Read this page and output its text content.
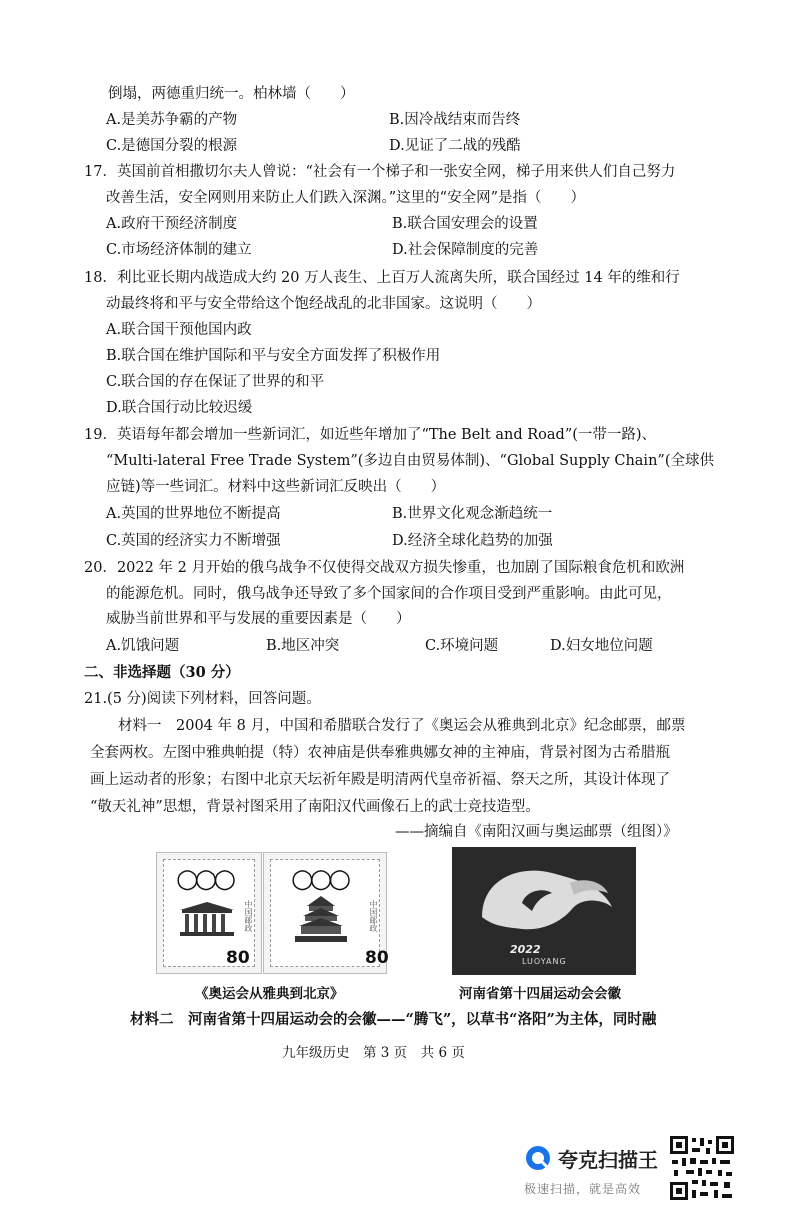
倒塌，两德重归统一。柏林墙（　　）
A.是美苏争霸的产物	B.因冷战结束而告终
C.是德国分裂的根源	D.见证了二战的残酷
17．英国前首相撒切尔夫人曾说：“社会有一个梯子和一张安全网，梯子用来供人们自己努力
改善生活，安全网则用来防止人们跌入深渊。”这里的“安全网”是指（　　）
A.政府干预经济制度	B.联合国安理会的设置
C.市场经济体制的建立	D.社会保障制度的完善
18．利比亚长期内战造成大约 20 万人丧生、上百万人流离失所，联合国经过 14 年的维和行
动最终将和平与安全带给这个饱经战乱的北非国家。这说明（　　）
A.联合国干预他国内政
B.联合国在维护国际和平与安全方面发挥了积极作用
C.联合国的存在保证了世界的和平
D.联合国行动比较迟缓
19．英语每年都会增加一些新词汇，如近些年增加了“The Belt and Road”(一带一路)、
“Multi-lateral Free Trade System”(多边自由贸易体制)、“Global Supply Chain”(全球供
应链)等一些词汇。材料中这些新词汇反映出（　　）
A.英国的世界地位不断提高	B.世界文化观念渐趋统一
C.英国的经济实力不断增强	D.经济全球化趋势的加强
20．2022 年 2 月开始的俄乌战争不仅使得交战双方损失惨重，也加剧了国际粮食危机和欧洲
的能源危机。同时，俄乌战争还导致了多个国家间的合作项目受到严重影响。由此可见，
威胁当前世界和平与发展的重要因素是（　　）
A.饥饿问题	B.地区冲突	C.环境问题	D.妇女地位问题
二、非选择题（30 分）
21.(5 分)阅读下列材料，回答问题。
材料一　2004 年 8 月，中国和希腊联合发行了《奥运会从雅典到北京》纪念邮票，邮票
全套两枚。左图中雅典帕提（特）农神庙是供奉雅典娜女神的主神庙，背景衬图为古希腊瓶
画上运动者的形象；右图中北京天坛祈年殿是明清两代皇帝祈福、祭天之所，其设计体现了
“敬天礼神”思想，背景衬图采用了南阳汉代画像石上的武士竞技造型。
——摘编自《南阳汉画与奥运邮票（组图）》
○○○
80
中国邮政
○○○
80
中国邮政
《奥运会从雅典到北京》
2022
LUOYANG
河南省第十四届运动会会徽
材料二　河南省第十四届运动会的会徽——“腾飞”，以草书“洛阳”为主体，同时融
九年级历史　第 3 页　共 6 页
夸克扫描王
极速扫描，就是高效
